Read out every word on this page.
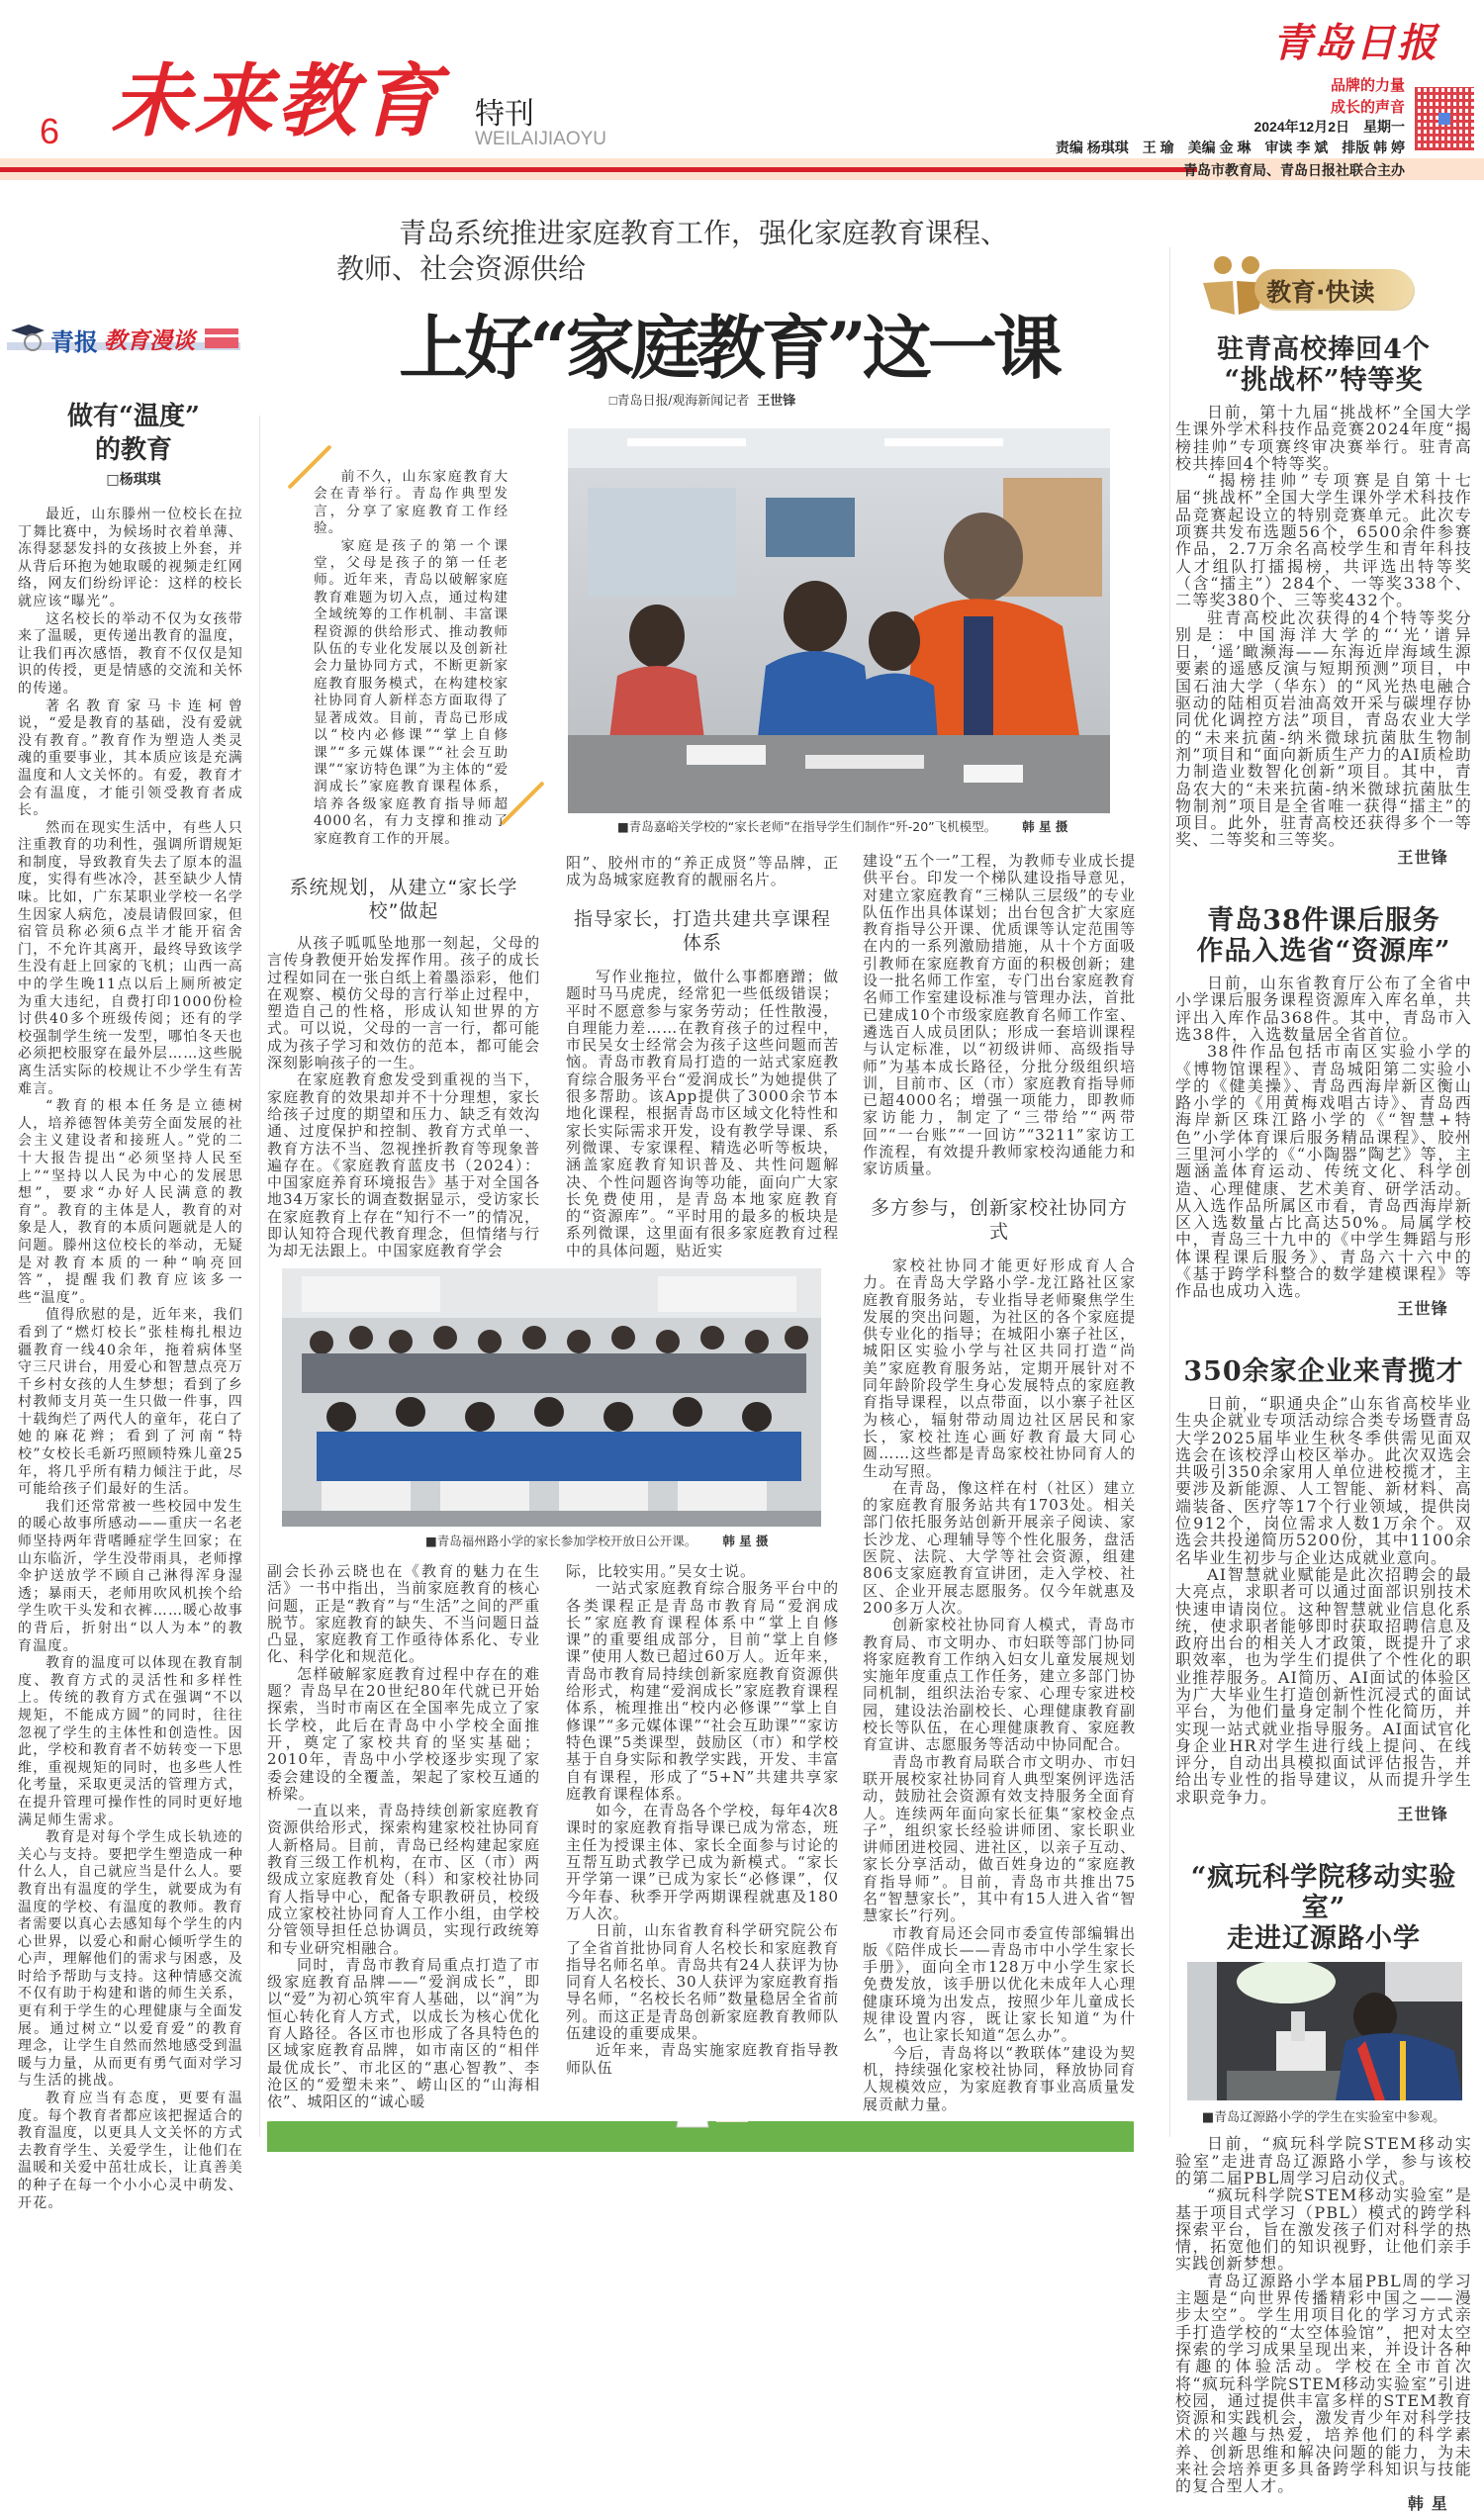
6 未来教育 特刊
WEILAIJIAOYU
青岛日报
品牌的力量
成长的声音
2024年12月2日　星期一
责编 杨琪琪　王 瑜　美编 金 琳　审读 李 斌　排版 韩 婷
青岛市教育局、青岛日报社联合主办
青报 教育漫谈
做有“温度”
的教育
□杨琪琪

最近，山东滕州一位校长在拉丁舞比赛中，为候场时衣着单薄、冻得瑟瑟发抖的女孩披上外套，并从背后环抱为她取暖的视频走红网络，网友们纷纷评论：这样的校长就应该“曝光”。

这名校长的举动不仅为女孩带来了温暖，更传递出教育的温度，让我们再次感悟，教育不仅仅是知识的传授，更是情感的交流和关怀的传递。

著名教育家马卡连柯曾说，“爱是教育的基础，没有爱就没有教育。”教育作为塑造人类灵魂的重要事业，其本质应该是充满温度和人文关怀的。有爱，教育才会有温度，才能引领受教育者成长。

然而在现实生活中，有些人只注重教育的功利性，强调所谓规矩和制度，导致教育失去了原本的温度，实得有些冰冷，甚至缺少人情味。比如，广东某职业学校一名学生因家人病危，凌晨请假回家，但宿管员称必须6点半才能开宿舍门，不允许其离开，最终导致该学生没有赶上回家的飞机；山西一高中的学生晚11点以后上厕所被定为重大违纪，自费打印1000份检讨供40多个班级传阅；还有的学校强制学生统一发型，哪怕冬天也必须把校服穿在最外层……这些脱离生活实际的校规让不少学生有苦难言。

“教育的根本任务是立德树人，培养德智体美劳全面发展的社会主义建设者和接班人。”党的二十大报告提出“必须坚持人民至上”“坚持以人民为中心的发展思想”，要求“办好人民满意的教育”。教育的主体是人，教育的对象是人，教育的本质问题就是人的问题。滕州这位校长的举动，无疑是对教育本质的一种“响亮回答”，提醒我们教育应该多一些“温度”。

值得欣慰的是，近年来，我们看到了“燃灯校长”张桂梅扎根边疆教育一线40余年，拖着病体坚守三尺讲台，用爱心和智慧点亮万千乡村女孩的人生梦想；看到了乡村教师支月英一生只做一件事，四十载绚烂了两代人的童年，花白了她的麻花辫；看到了河南“特校”女校长毛新巧照顾特殊儿童25年，将几乎所有精力倾注于此，尽可能给孩子们最好的生活。

我们还常常被一些校园中发生的暖心故事所感动——重庆一名老师坚持两年背嗜睡症学生回家；在山东临沂，学生没带雨具，老师撑伞护送放学不顾自己淋得浑身湿透；暴雨天，老师用吹风机挨个给学生吹干头发和衣裤……暖心故事的背后，折射出“以人为本”的教育温度。

教育的温度可以体现在教育制度、教育方式的灵活性和多样性上。传统的教育方式在强调“不以规矩，不能成方圆”的同时，往往忽视了学生的主体性和创造性。因此，学校和教育者不妨转变一下思维，重视规矩的同时，也多些人性化考量，采取更灵活的管理方式，在提升管理可操作性的同时更好地满足师生需求。

教育是对每个学生成长轨迹的关心与支持。要把学生塑造成一种什么人，自己就应当是什么人。要教育出有温度的学生，就要成为有温度的学校、有温度的教师。教育者需要以真心去感知每个学生的内心世界，以爱心和耐心倾听学生的心声，理解他们的需求与困惑，及时给予帮助与支持。这种情感交流不仅有助于构建和谐的师生关系，更有利于学生的心理健康与全面发展。通过树立“以爱育爱”的教育理念，让学生自然而然地感受到温暖与力量，从而更有勇气面对学习与生活的挑战。

教育应当有态度，更要有温度。每个教育者都应该把握适合的教育温度，以更具人文关怀的方式去教育学生、关爱学生，让他们在温暖和关爱中茁壮成长，让真善美的种子在每一个小小心灵中萌发、开花。

青岛系统推进家庭教育工作，强化家庭教育课程、
教师、社会资源供给
上好“家庭教育”这一课
□青岛日报/观海新闻记者 王世锋

前不久，山东家庭教育大会在青举行。青岛作典型发言，分享了家庭教育工作经验。

家庭是孩子的第一个课堂，父母是孩子的第一任老师。近年来，青岛以破解家庭教育难题为切入点，通过构建全域统筹的工作机制、丰富课程资源的供给形式、推动教师队伍的专业化发展以及创新社会力量协同方式，不断更新家庭教育服务模式，在构建校家社协同育人新样态方面取得了显著成效。目前，青岛已形成以“校内必修课”“掌上自修课”“多元媒体课”“社会互助课”“家访特色课”为主体的“爱润成长”家庭教育课程体系，培养各级家庭教育指导师超4000名，有力支撑和推动了家庭教育工作的开展。

■青岛嘉峪关学校的“家长老师”在指导学生们制作“歼-20”飞机模型。 韩 星 摄
系统规划，从建立“家长学校”做起

从孩子呱呱坠地那一刻起，父母的言传身教便开始发挥作用。孩子的成长过程如同在一张白纸上着墨添彩，他们在观察、模仿父母的言行举止过程中，塑造自己的性格，形成认知世界的方式。可以说，父母的一言一行，都可能成为孩子学习和效仿的范本，都可能会深刻影响孩子的一生。

在家庭教育愈发受到重视的当下，家庭教育的效果却并不十分理想，家长给孩子过度的期望和压力、缺乏有效沟通、过度保护和控制、教育方式单一、教育方法不当、忽视挫折教育等现象普遍存在。《家庭教育蓝皮书（2024）：中国家庭养育环境报告》基于对全国各地34万家长的调查数据显示，受访家长在家庭教育上存在“知行不一”的情况，即认知符合现代教育理念，但情绪与行为却无法跟上。中国家庭教育学会

阳”、胶州市的“养正成贤”等品牌，正成为岛城家庭教育的靓丽名片。

指导家长，打造共建共享课程体系

写作业拖拉，做什么事都磨蹭；做题时马马虎虎，经常犯一些低级错误；平时不愿意参与家务劳动；任性散漫，自理能力差……在教育孩子的过程中，市民吴女士经常会为孩子这些问题而苦恼。青岛市教育局打造的一站式家庭教育综合服务平台“爱润成长”为她提供了很多帮助。该App提供了3000余节本地化课程，根据青岛市区域文化特性和家长实际需求开发，设有教学导课、系列微课、专家课程、精选必听等板块，涵盖家庭教育知识普及、共性问题解决、个性问题咨询等功能，面向广大家长免费使用，是青岛本地家庭教育的“资源库”。“平时用的最多的板块是系列微课，这里面有很多家庭教育过程中的具体问题，贴近实

建设“五个一”工程，为教师专业成长提供平台。印发一个梯队建设指导意见，对建立家庭教育“三梯队三层级”的专业队伍作出具体谋划；出台包含扩大家庭教育指导公开课、优质课等认定范围等在内的一系列激励措施，从十个方面吸引教师在家庭教育方面的积极创新；建设一批名师工作室，专门出台家庭教育名师工作室建设标准与管理办法，首批已建成10个市级家庭教育名师工作室、遴选百人成员团队；形成一套培训课程与认定标准，以“初级讲师、高级指导师”为基本成长路径，分批分级组织培训，目前市、区（市）家庭教育指导师已超4000名；增强一项能力，即教师家访能力，制定了“三带给”“两带回”“一台账”“一回访”“3211”家访工作流程，有效提升教师家校沟通能力和家访质量。

多方参与，创新家校社协同方式

家校社协同才能更好形成育人合力。在青岛大学路小学-龙江路社区家庭教育服务站，专业指导老师聚焦学生发展的突出问题，为社区的各个家庭提供专业化的指导；在城阳小寨子社区，城阳区实验小学与社区共同打造“尚美”家庭教育服务站，定期开展针对不同年龄阶段学生身心发展特点的家庭教育指导课程，以点带面，以小寨子社区为核心，辐射带动周边社区居民和家长，家校社连心画好教育最大同心圆……这些都是青岛家校社协同育人的生动写照。

在青岛，像这样在村（社区）建立的家庭教育服务站共有1703处。相关部门依托服务站创新开展亲子阅读、家长沙龙、心理辅导等个性化服务，盘活医院、法院、大学等社会资源，组建806支家庭教育宣讲团，走入学校、社区、企业开展志愿服务。仅今年就惠及200多万人次。

创新家校社协同育人模式，青岛市教育局、市文明办、市妇联等部门协同将家庭教育工作纳入妇女儿童发展规划实施年度重点工作任务，建立多部门协同机制，组织法治专家、心理专家进校园，建设法治副校长、心理健康教育副校长等队伍，在心理健康教育、家庭教育宣讲、志愿服务等活动中协同配合。

青岛市教育局联合市文明办、市妇联开展校家社协同育人典型案例评选活动，鼓励社会资源有效支持服务全面育人。连续两年面向家长征集“家校金点子”，组织家长经验讲师团、家长职业讲师团进校园、进社区，以亲子互动、家长分享活动，做百姓身边的“家庭教育指导师”。目前，青岛市共推出75名“智慧家长”，其中有15人进入省“智慧家长”行列。

市教育局还会同市委宣传部编辑出版《陪伴成长——青岛市中小学生家长手册》，面向全市128万中小学生家长免费发放，该手册以优化未成年人心理健康环境为出发点，按照少年儿童成长规律设置内容，既让家长知道“为什么”，也让家长知道“怎么办”。

今后，青岛将以“教联体”建设为契机，持续强化家校社协同，释放协同育人规模效应，为家庭教育事业高质量发展贡献力量。

■青岛福州路小学的家长参加学校开放日公开课。 韩 星 摄

副会长孙云晓也在《教育的魅力在生活》一书中指出，当前家庭教育的核心问题，正是“教育”与“生活”之间的严重脱节。家庭教育的缺失、不当问题日益凸显，家庭教育工作亟待体系化、专业化、科学化和规范化。

怎样破解家庭教育过程中存在的难题？青岛早在20世纪80年代就已开始探索，当时市南区在全国率先成立了家长学校，此后在青岛中小学校全面推开，奠定了家校共育的坚实基础；2010年，青岛中小学校逐步实现了家委会建设的全覆盖，架起了家校互通的桥梁。

一直以来，青岛持续创新家庭教育资源供给形式，探索构建家校社协同育人新格局。目前，青岛已经构建起家庭教育三级工作机构，在市、区（市）两级成立家庭教育处（科）和家校社协同育人指导中心，配备专职教研员，校级成立家校社协同育人工作小组，由学校分管领导担任总协调员，实现行政统筹和专业研究相融合。

同时，青岛市教育局重点打造了市级家庭教育品牌——“爱润成长”，即以“爱”为初心筑牢育人基础，以“润”为恒心转化育人方式，以成长为核心优化育人路径。各区市也形成了各具特色的区域家庭教育品牌，如市南区的“相伴最优成长”、市北区的“惠心智教”、李沧区的“爱塑未来”、崂山区的“山海相依”、城阳区的“诚心暖

际，比较实用。”吴女士说。

一站式家庭教育综合服务平台中的各类课程正是青岛市教育局“爱润成长”家庭教育课程体系中“掌上自修课”的重要组成部分，目前“掌上自修课”使用人数已超过60万人。近年来，青岛市教育局持续创新家庭教育资源供给形式，构建“爱润成长”家庭教育课程体系，梳理推出“校内必修课”“掌上自修课”“多元媒体课”“社会互助课”“家访特色课”5类课型，鼓励区（市）和学校基于自身实际和教学实践，开发、丰富自有课程，形成了“5+N”共建共享家庭教育课程体系。

如今，在青岛各个学校，每年4次8课时的家庭教育指导课已成为常态，班主任为授课主体、家长全面参与讨论的互帮互助式教学已成为新模式。“家长开学第一课”已成为家长“必修课”，仅今年春、秋季开学两期课程就惠及180万人次。

日前，山东省教育科学研究院公布了全省首批协同育人名校长和家庭教育指导名师名单。青岛共有24人获评为协同育人名校长、30人获评为家庭教育指导名师，“名校长名师”数量稳居全省前列。而这正是青岛创新家庭教育教师队伍建设的重要成果。

近年来，青岛实施家庭教育指导教师队伍

教育·快读
驻青高校捧回4个
“挑战杯”特等奖

日前，第十九届“挑战杯”全国大学生课外学术科技作品竞赛2024年度“揭榜挂帅”专项赛终审决赛举行。驻青高校共捧回4个特等奖。

“揭榜挂帅”专项赛是自第十七届“挑战杯”全国大学生课外学术科技作品竞赛起设立的特别竞赛单元。此次专项赛共发布选题56个，6500余件参赛作品，2.7万余名高校学生和青年科技人才组队打擂揭榜，共评选出特等奖（含“擂主”）284个、一等奖338个、二等奖380个、三等奖432个。

驻青高校此次获得的4个特等奖分别是：中国海洋大学的“‘光’谱异日，‘遥’瞰濒海——东海近岸海域生源要素的遥感反演与短期预测”项目，中国石油大学（华东）的“风光热电融合驱动的陆相页岩油高效开采与碳埋存协同优化调控方法”项目，青岛农业大学的“未来抗菌-纳米微球抗菌肽生物制剂”项目和“面向新质生产力的AI质检助力制造业数智化创新”项目。其中，青岛农大的“未来抗菌-纳米微球抗菌肽生物制剂”项目是全省唯一获得“擂主”的项目。此外，驻青高校还获得多个一等奖、二等奖和三等奖。

王世锋
青岛38件课后服务
作品入选省“资源库”

日前，山东省教育厅公布了全省中小学课后服务课程资源库入库名单，共评出入库作品368件。其中，青岛市入选38件，入选数量居全省首位。

38件作品包括市南区实验小学的《博物馆课程》、青岛城阳第二实验小学的《健美操》、青岛西海岸新区衡山路小学的《用黄梅戏唱古诗》、青岛西海岸新区珠江路小学的《“智慧+特色”小学体育课后服务精品课程》、胶州三里河小学的《“小陶器”陶艺》等，主题涵盖体育运动、传统文化、科学创造、心理健康、艺术美育、研学活动。从入选作品所属区市看，青岛西海岸新区入选数量占比高达50%。局属学校中，青岛三十九中的《中学生舞蹈与形体课程课后服务》、青岛六十六中的《基于跨学科整合的数学建模课程》等作品也成功入选。

王世锋
350余家企业来青揽才

日前，“职通央企”山东省高校毕业生央企就业专项活动综合类专场暨青岛大学2025届毕业生秋冬季供需见面双选会在该校浮山校区举办。此次双选会共吸引350余家用人单位进校揽才，主要涉及新能源、人工智能、新材料、高端装备、医疗等17个行业领域，提供岗位912个，岗位需求人数1万余个。双选会共投递简历5200份，其中1100余名毕业生初步与企业达成就业意向。

AI智慧就业赋能是此次招聘会的最大亮点，求职者可以通过面部识别技术快速申请岗位。这种智慧就业信息化系统，使求职者能够即时获取招聘信息及政府出台的相关人才政策，既提升了求职效率，也为学生们提供了个性化的职业推荐服务。AI简历、AI面试的体验区为广大毕业生打造创新性沉浸式的面试平台，为他们量身定制个性化简历，并实现一站式就业指导服务。AI面试官化身企业HR对学生进行线上提问、在线评分，自动出具模拟面试评估报告，并给出专业性的指导建议，从而提升学生求职竞争力。

王世锋
“疯玩科学院移动实验室”
走进辽源路小学
■青岛辽源路小学的学生在实验室中参观。

日前，“疯玩科学院STEM移动实验室”走进青岛辽源路小学，参与该校的第二届PBL周学习启动仪式。

“疯玩科学院STEM移动实验室”是基于项目式学习（PBL）模式的跨学科探索平台，旨在激发孩子们对科学的热情，拓宽他们的知识视野，让他们亲手实践创新梦想。

青岛辽源路小学本届PBL周的学习主题是“向世界传播精彩中国之——漫步太空”。学生用项目化的学习方式亲手打造学校的“太空体验馆”，把对太空探索的学习成果呈现出来，并设计各种有趣的体验活动。学校在全市首次将“疯玩科学院STEM移动实验室”引进校园，通过提供丰富多样的STEM教育资源和实践机会，激发青少年对科学技术的兴趣与热爱，培养他们的科学素养、创新思维和解决问题的能力，为未来社会培养更多具备跨学科知识与技能的复合型人才。

韩 星
